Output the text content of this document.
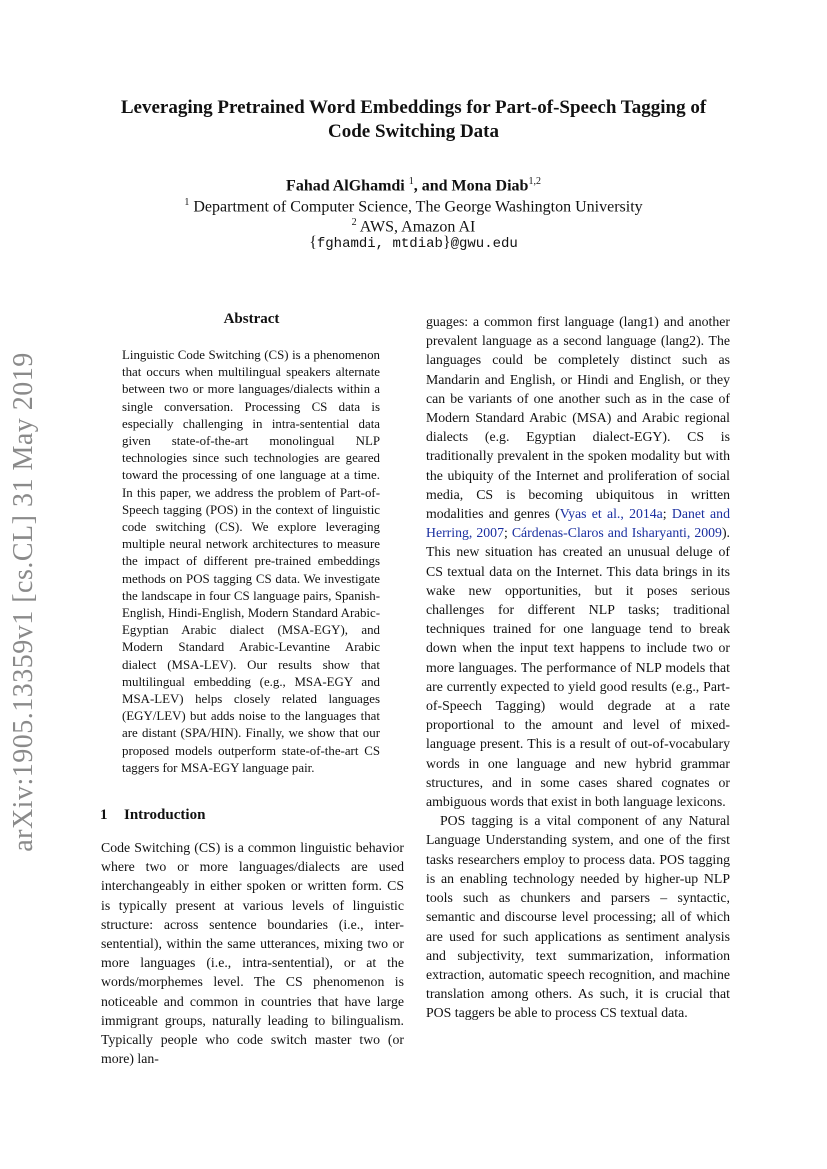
arXiv:1905.13359v1 [cs.CL] 31 May 2019
Leveraging Pretrained Word Embeddings for Part-of-Speech Tagging of
Code Switching Data
Fahad AlGhamdi $^1$, and Mona Diab$^{1,2}$
$^1$ Department of Computer Science, The George Washington University
$^2$ AWS, Amazon AI
{fghamdi, mtdiab}@gwu.edu
Abstract
Linguistic Code Switching (CS) is a phenomenon that occurs when multilingual speakers alternate between two or more languages/dialects within a single conversation. Processing CS data is especially challenging in intra-sentential data given state-of-the-art monolingual NLP technologies since such technologies are geared toward the processing of one language at a time. In this paper, we address the problem of Part-of-Speech tagging (POS) in the context of linguistic code switching (CS). We explore leveraging multiple neural network architectures to measure the impact of different pre-trained embeddings methods on POS tagging CS data. We investigate the landscape in four CS language pairs, Spanish-English, Hindi-English, Modern Standard Arabic- Egyptian Arabic dialect (MSA-EGY), and Modern Standard Arabic-Levantine Arabic dialect (MSA-LEV). Our results show that multilingual embedding (e.g., MSA-EGY and MSA-LEV) helps closely related languages (EGY/LEV) but adds noise to the languages that are distant (SPA/HIN). Finally, we show that our proposed models outperform state-of-the-art CS taggers for MSA-EGY language pair.
1 Introduction

Code Switching (CS) is a common linguistic behavior where two or more languages/dialects are used interchangeably in either spoken or written form. CS is typically present at various levels of linguistic structure: across sentence boundaries (i.e., inter-sentential), within the same utterances, mixing two or more languages (i.e., intra-sentential), or at the words/morphemes level. The CS phenomenon is noticeable and common in countries that have large immigrant groups, naturally leading to bilingualism. Typically people who code switch master two (or more) lan-

guages: a common first language (lang1) and another prevalent language as a second language (lang2). The languages could be completely distinct such as Mandarin and English, or Hindi and English, or they can be variants of one another such as in the case of Modern Standard Arabic (MSA) and Arabic regional dialects (e.g. Egyptian dialect-EGY). CS is traditionally prevalent in the spoken modality but with the ubiquity of the Internet and proliferation of social media, CS is becoming ubiquitous in written modalities and genres (Vyas et al., 2014a; Danet and Herring, 2007; Cárdenas-Claros and Isharyanti, 2009). This new situation has created an unusual deluge of CS textual data on the Internet. This data brings in its wake new opportunities, but it poses serious challenges for different NLP tasks; traditional techniques trained for one language tend to break down when the input text happens to include two or more languages. The performance of NLP models that are currently expected to yield good results (e.g., Part-of-Speech Tagging) would degrade at a rate proportional to the amount and level of mixed-language present. This is a result of out-of-vocabulary words in one language and new hybrid grammar structures, and in some cases shared cognates or ambiguous words that exist in both language lexicons.

POS tagging is a vital component of any Natural Language Understanding system, and one of the first tasks researchers employ to process data. POS tagging is an enabling technology needed by higher-up NLP tools such as chunkers and parsers – syntactic, semantic and discourse level processing; all of which are used for such applications as sentiment analysis and subjectivity, text summarization, information extraction, automatic speech recognition, and machine translation among others. As such, it is crucial that POS taggers be able to process CS textual data.
